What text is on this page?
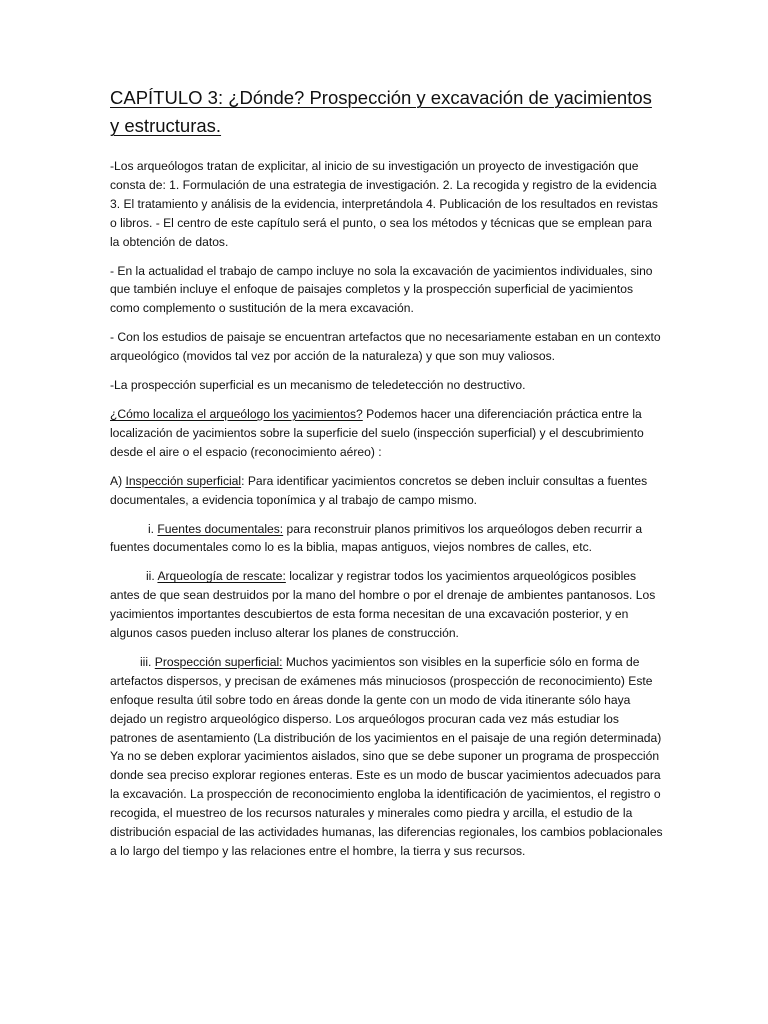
CAPÍTULO 3: ¿Dónde? Prospección y excavación de yacimientos y estructuras.

-Los arqueólogos tratan de explicitar, al inicio de su investigación un proyecto de investigación que consta de: 1. Formulación de una estrategia de investigación. 2. La recogida y registro de la evidencia 3. El tratamiento y análisis de la evidencia, interpretándola 4. Publicación de los resultados en revistas o libros. - El centro de este capítulo será el punto, o sea los métodos y técnicas que se emplean para la obtención de datos.

- En la actualidad el trabajo de campo incluye no sola la excavación de yacimientos individuales, sino que también incluye el enfoque de paisajes completos y la prospección superficial de yacimientos como complemento o sustitución de la mera excavación.

- Con los estudios de paisaje se encuentran artefactos que no necesariamente estaban en un contexto arqueológico (movidos tal vez por acción de la naturaleza) y que son muy valiosos.

-La prospección superficial es un mecanismo de teledetección no destructivo.

¿Cómo localiza el arqueólogo los yacimientos? Podemos hacer una diferenciación práctica entre la localización de yacimientos sobre la superficie del suelo (inspección superficial) y el descubrimiento desde el aire o el espacio (reconocimiento aéreo) :

A) Inspección superficial: Para identificar yacimientos concretos se deben incluir consultas a fuentes documentales, a evidencia toponímica y al trabajo de campo mismo.

i. Fuentes documentales: para reconstruir planos primitivos los arqueólogos deben recurrir a fuentes documentales como lo es la biblia, mapas antiguos, viejos nombres de calles, etc.

ii. Arqueología de rescate: localizar y registrar todos los yacimientos arqueológicos posibles antes de que sean destruidos por la mano del hombre o por el drenaje de ambientes pantanosos. Los yacimientos importantes descubiertos de esta forma necesitan de una excavación posterior, y en algunos casos pueden incluso alterar los planes de construcción.

iii. Prospección superficial: Muchos yacimientos son visibles en la superficie sólo en forma de artefactos dispersos, y precisan de exámenes más minuciosos (prospección de reconocimiento) Este enfoque resulta útil sobre todo en áreas donde la gente con un modo de vida itinerante sólo haya dejado un registro arqueológico disperso. Los arqueólogos procuran cada vez más estudiar los patrones de asentamiento (La distribución de los yacimientos en el paisaje de una región determinada) Ya no se deben explorar yacimientos aislados, sino que se debe suponer un programa de prospección donde sea preciso explorar regiones enteras. Este es un modo de buscar yacimientos adecuados para la excavación. La prospección de reconocimiento engloba la identificación de yacimientos, el registro o recogida, el muestreo de los recursos naturales y minerales como piedra y arcilla, el estudio de la distribución espacial de las actividades humanas, las diferencias regionales, los cambios poblacionales a lo largo del tiempo y las relaciones entre el hombre, la tierra y sus recursos.
